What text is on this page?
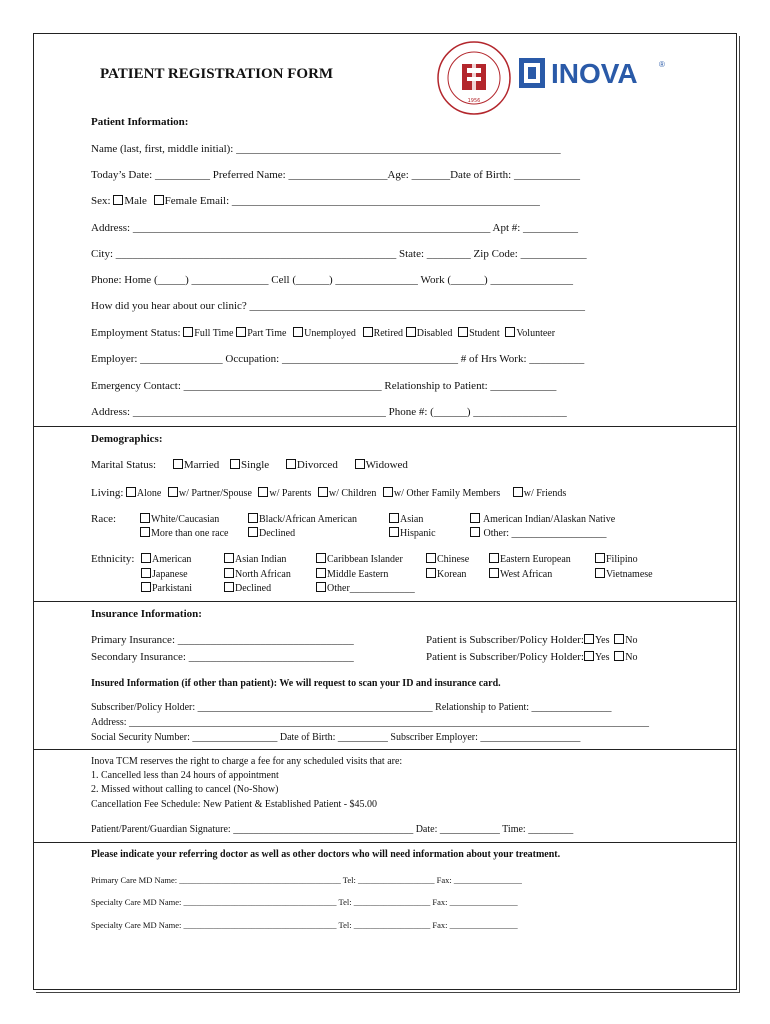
PATIENT REGISTRATION FORM
1956
INOVA	®
Patient Information:
Name (last, first, middle initial): ___________________________________________________________
Today’s Date: __________ Preferred Name: __________________Age: _______Date of Birth: ____________
Sex: Male Female Email: ________________________________________________________
Address: _________________________________________________________________ Apt #: __________
City: ___________________________________________________ State: ________ Zip Code: ____________
Phone: Home (_____) ______________ Cell (______) _______________ Work (______) _______________
How did you hear about our clinic? _____________________________________________________________
Employment Status: Full Time Part Time Unemployed Retired Disabled Student Volunteer
Employer: _______________ Occupation: ________________________________ # of Hrs Work: __________
Emergency Contact: ____________________________________ Relationship to Patient: ____________
Address: ______________________________________________ Phone #: (______) _________________
Demographics:
Marital Status:	Married Single	Divorced	Widowed
Living: Alone w/ Partner/Spouse w/ Parents w/ Children w/ Other Family Members w/ Friends
Race:	White/Caucasian	Black/African American	Asian	American Indian/Alaskan Native
More than one race	Declined	Hispanic	Other: ___________________
Ethnicity:	American	Asian Indian	Caribbean Islander	Chinese	Eastern European	Filipino
Japanese	North African	Middle Eastern	Korean	West African	Vietnamese
Parkistani	Declined	Other_____________
Insurance Information:
Primary Insurance: ________________________________	Patient is Subscriber/Policy Holder: Yes No
Secondary Insurance: ______________________________	Patient is Subscriber/Policy Holder: Yes No
Insured Information (if other than patient): We will request to scan your ID and insurance card.
Subscriber/Policy Holder: _______________________________________________ Relationship to Patient: ________________
Address: ________________________________________________________________________________________________________
Social Security Number: _________________ Date of Birth: __________ Subscriber Employer: ____________________
Inova TCM reserves the right to charge a fee for any scheduled visits that are:
1. Cancelled less than 24 hours of appointment
2. Missed without calling to cancel (No-Show)
Cancellation Fee Schedule: New Patient & Established Patient - $45.00
Patient/Parent/Guardian Signature: ____________________________________ Date: ____________ Time: _________
Please indicate your referring doctor as well as other doctors who will need information about your treatment.
Primary Care MD Name: ______________________________________ Tel: __________________ Fax: ________________
Specialty Care MD Name: ____________________________________ Tel: __________________ Fax: ________________
Specialty Care MD Name: ____________________________________ Tel: __________________ Fax: ________________
